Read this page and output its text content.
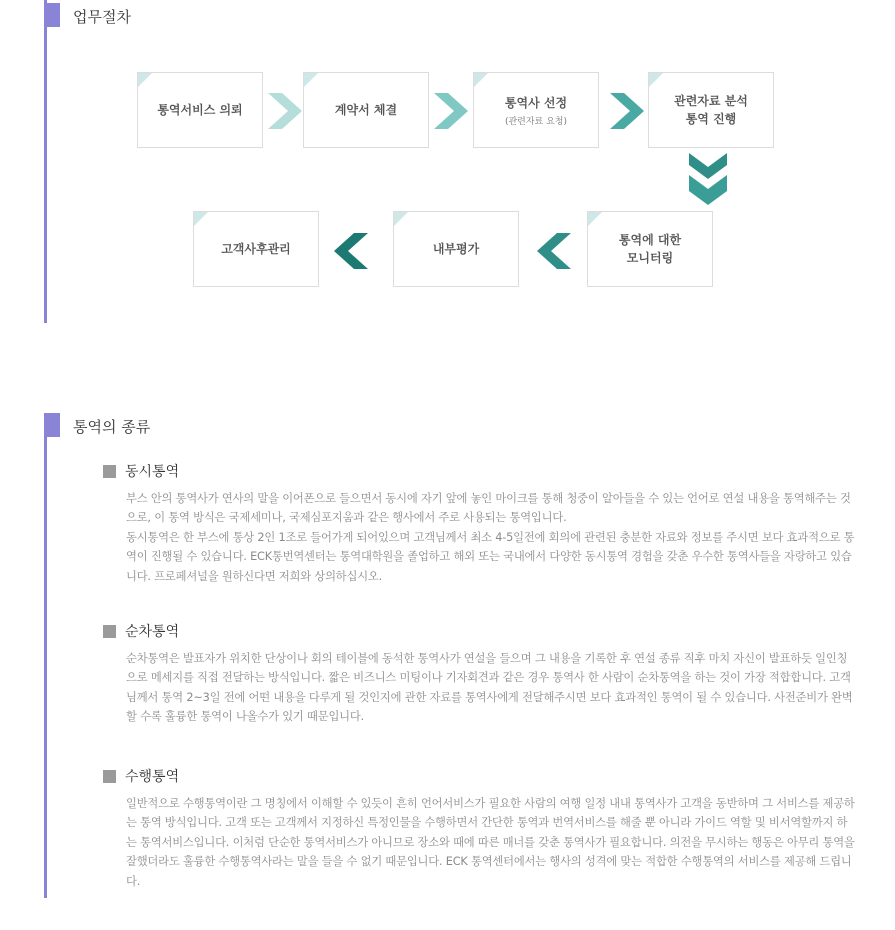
업무절차
통역서비스 의뢰	계약서 체결
통역사 선정
(관련자료 요청)
관련자료 분석
통역 진행
고객사후관리	내부평가
통역에 대한
모니터링
통역의 종류
동시통역

부스 안의 통역사가 연사의 말을 이어폰으로 들으면서 동시에 자기 앞에 놓인 마이크를 통해 청중이 알아들을 수 있는 언어로 연설 내용을 통역해주는 것으로, 이 통역 방식은 국제세미나, 국제심포지움과 같은 행사에서 주로 사용되는 통역입니다.

동시통역은 한 부스에 통상 2인 1조로 들어가게 되어있으며 고객님께서 최소 4-5일전에 회의에 관련된 충분한 자료와 정보를 주시면 보다 효과적으로 통역이 진행될 수 있습니다. ECK통번역센터는 통역대학원을 졸업하고 해외 또는 국내에서 다양한 동시통역 경험을 갖춘 우수한 통역사들을 자랑하고 있습니다. 프로페셔널을 원하신다면 저희와 상의하십시오.

순차통역

순차통역은 발표자가 위치한 단상이나 회의 테이블에 동석한 통역사가 연설을 들으며 그 내용을 기록한 후 연설 종류 직후 마치 자신이 발표하듯 일인칭으로 메세지를 직접 전달하는 방식입니다. 짧은 비즈니스 미팅이나 기자회견과 같은 경우 통역사 한 사람이 순차통역을 하는 것이 가장 적합합니다. 고객님께서 통역 2~3일 전에 어떤 내용을 다루게 될 것인지에 관한 자료를 통역사에게 전달해주시면 보다 효과적인 통역이 될 수 있습니다. 사전준비가 완벽할 수록 훌륭한 통역이 나올수가 있기 때문입니다.

수행통역

일반적으로 수행통역이란 그 명칭에서 이해할 수 있듯이 흔히 언어서비스가 필요한 사람의 여행 일정 내내 통역사가 고객을 동반하며 그 서비스를 제공하는 통역 방식입니다. 고객 또는 고객께서 지정하신 특정인물을 수행하면서 간단한 통역과 번역서비스를 해줄 뿐 아니라 가이드 역할 및 비서역할까지 하는 통역서비스입니다. 이처럼 단순한 통역서비스가 아니므로 장소와 때에 따른 매너를 갖춘 통역사가 필요합니다. 의전을 무시하는 행동은 아무리 통역을 잘했더라도 훌륭한 수행통역사라는 말을 들을 수 없기 때문입니다. ECK 통역센터에서는 행사의 성격에 맞는 적합한 수행통역의 서비스를 제공해 드립니다.
